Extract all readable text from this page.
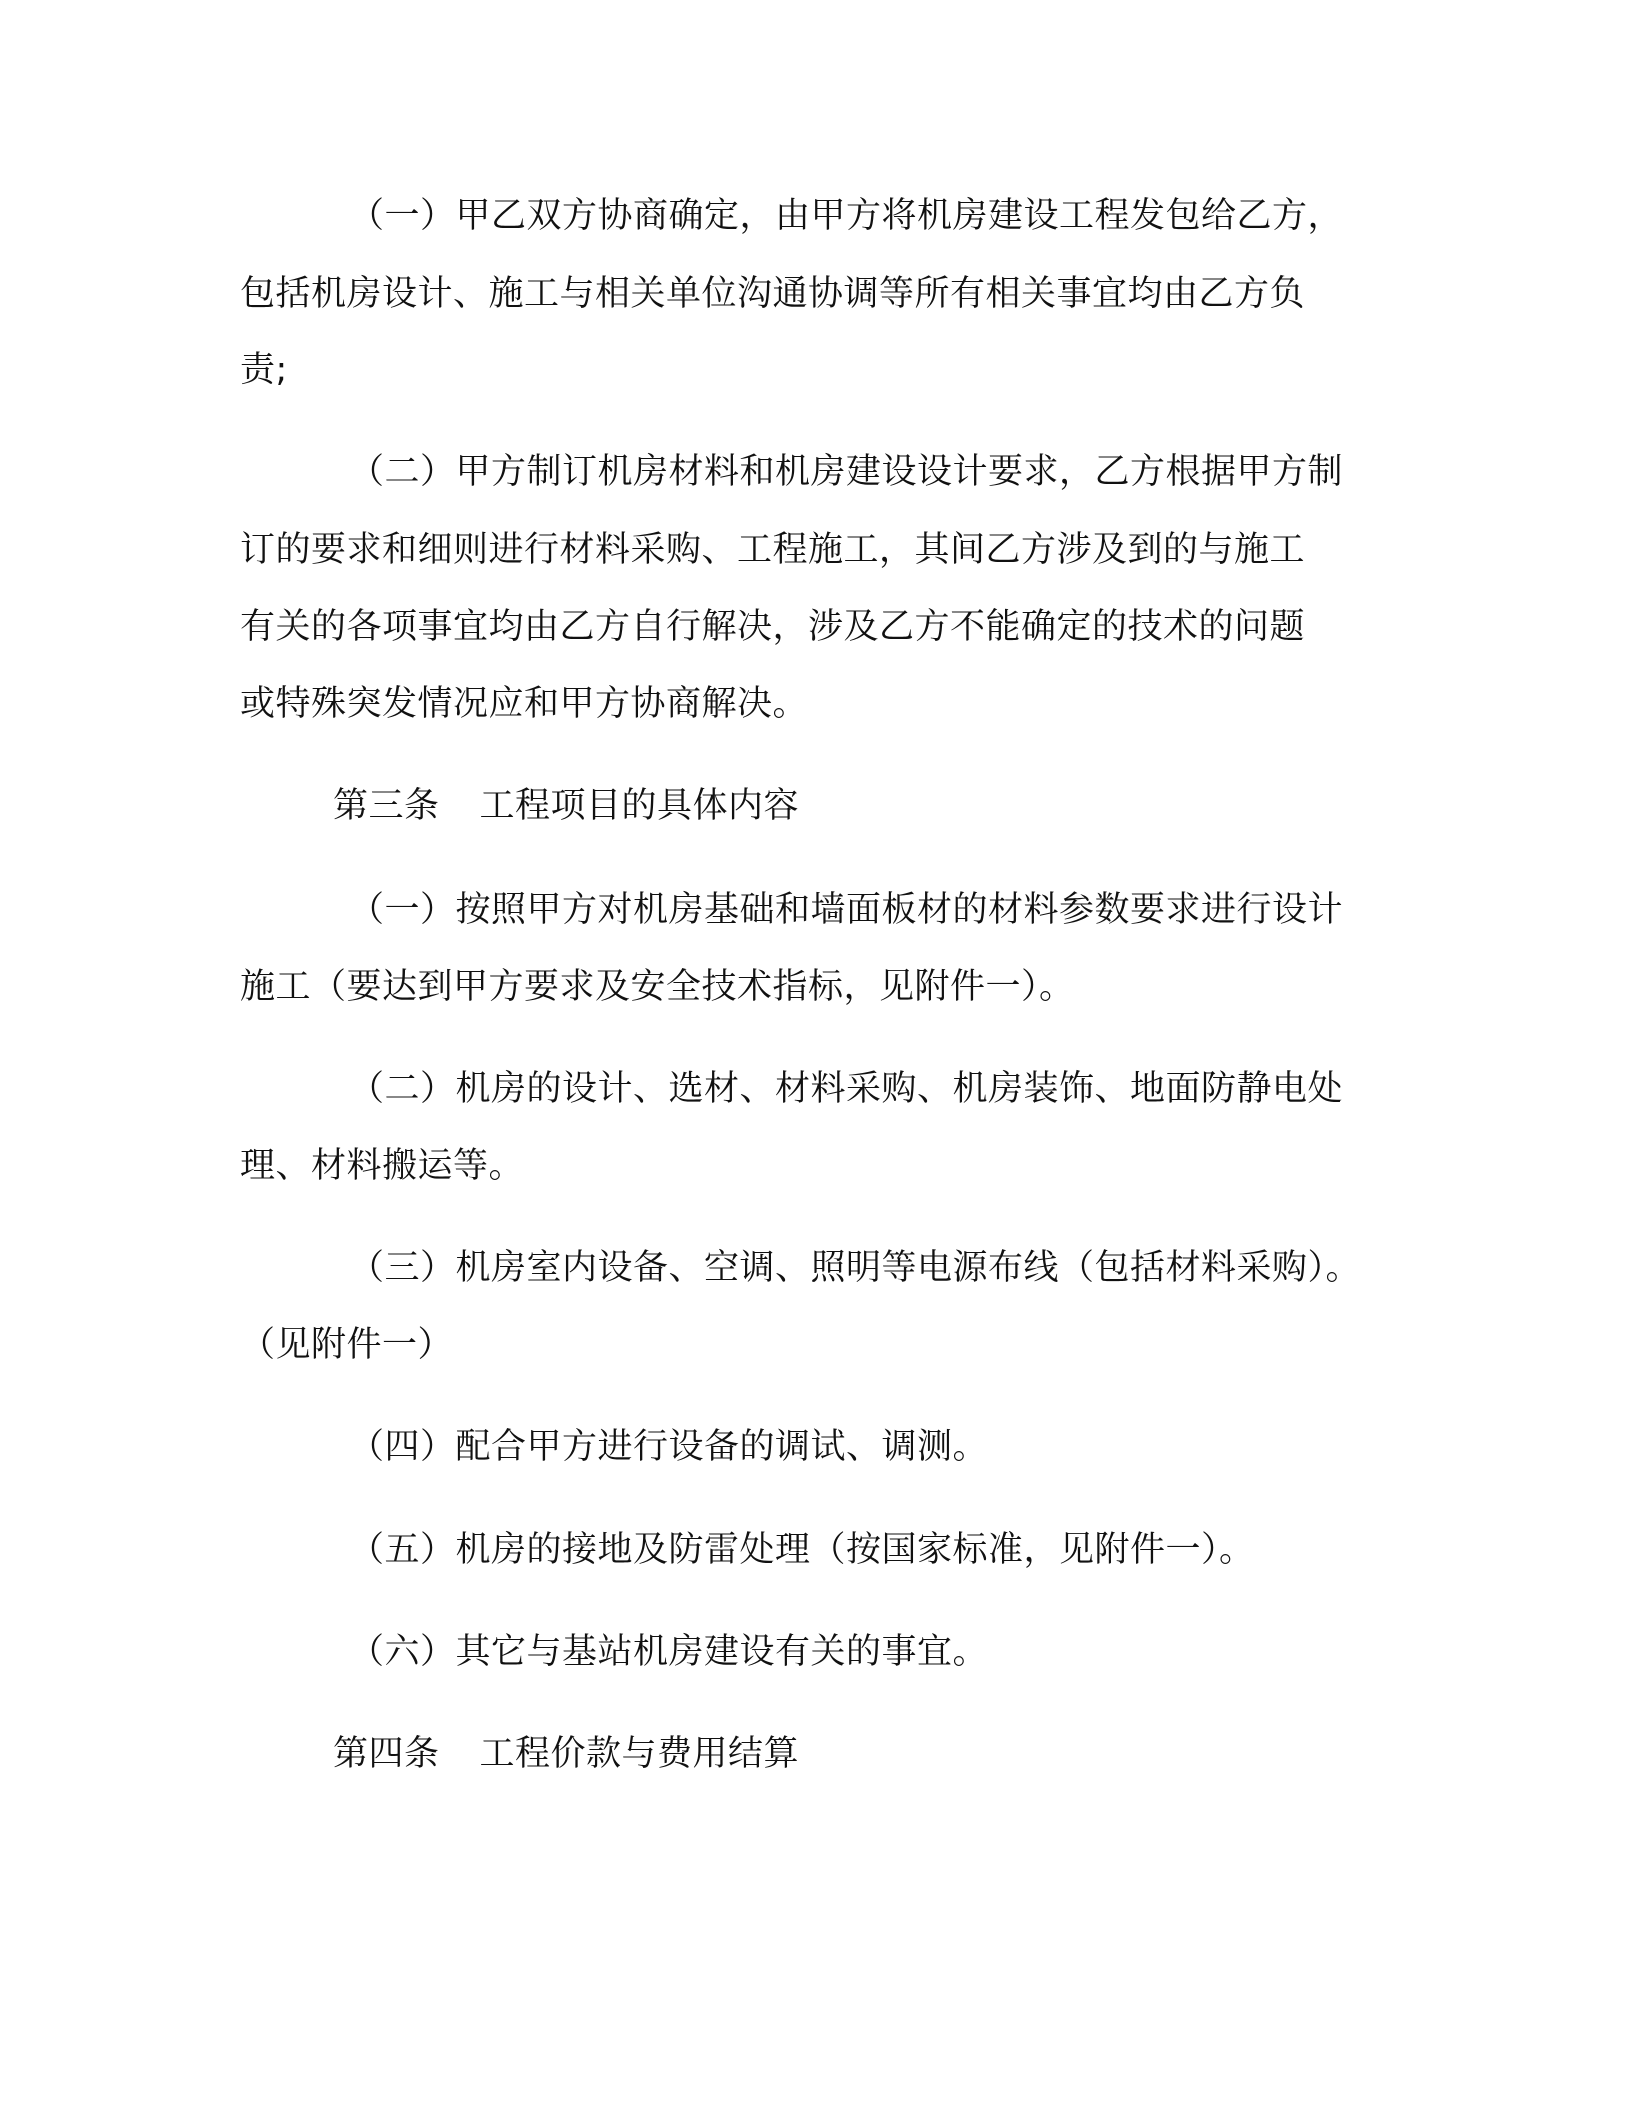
（一）甲乙双方协商确定，由甲方将机房建设工程发包给乙方，

包括机房设计、施工与相关单位沟通协调等所有相关事宜均由乙方负

责;

（二）甲方制订机房材料和机房建设设计要求，乙方根据甲方制

订的要求和细则进行材料采购、工程施工，其间乙方涉及到的与施工

有关的各项事宜均由乙方自行解决，涉及乙方不能确定的技术的问题

或特殊突发情况应和甲方协商解决。

第三条 工程项目的具体内容

（一）按照甲方对机房基础和墙面板材的材料参数要求进行设计

施工（要达到甲方要求及安全技术指标，见附件一）。

（二）机房的设计、选材、材料采购、机房装饰、地面防静电处

理、材料搬运等。

（三）机房室内设备、空调、照明等电源布线（包括材料采购）。

（见附件一）

（四）配合甲方进行设备的调试、调测。

（五）机房的接地及防雷处理（按国家标准，见附件一）。

（六）其它与基站机房建设有关的事宜。

第四条 工程价款与费用结算
